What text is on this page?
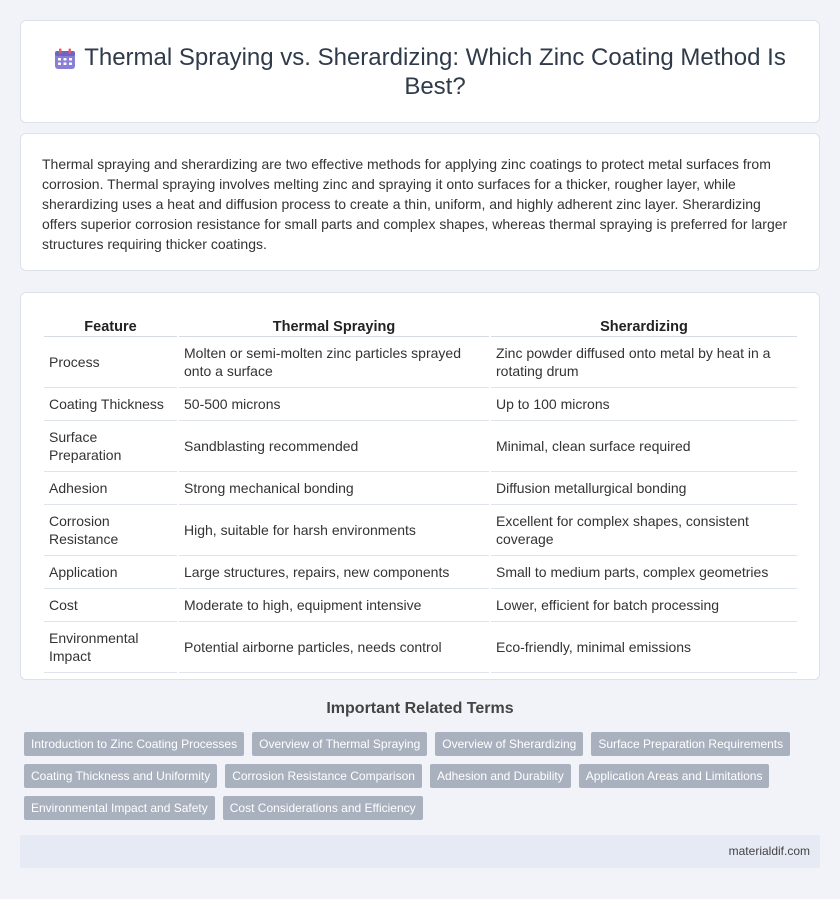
Thermal Spraying vs. Sherardizing: Which Zinc Coating Method Is Best?

Thermal spraying and sherardizing are two effective methods for applying zinc coatings to protect metal surfaces from corrosion. Thermal spraying involves melting zinc and spraying it onto surfaces for a thicker, rougher layer, while sherardizing uses a heat and diffusion process to create a thin, uniform, and highly adherent zinc layer. Sherardizing offers superior corrosion resistance for small parts and complex shapes, whereas thermal spraying is preferred for larger structures requiring thicker coatings.

Feature	Thermal Spraying	Sherardizing
Process	Molten or semi-molten zinc particles sprayed onto a surface	Zinc powder diffused onto metal by heat in a rotating drum
Coating Thickness	50-500 microns	Up to 100 microns
Surface Preparation	Sandblasting recommended	Minimal, clean surface required
Adhesion	Strong mechanical bonding	Diffusion metallurgical bonding
Corrosion Resistance	High, suitable for harsh environments	Excellent for complex shapes, consistent coverage
Application	Large structures, repairs, new components	Small to medium parts, complex geometries
Cost	Moderate to high, equipment intensive	Lower, efficient for batch processing
Environmental Impact	Potential airborne particles, needs control	Eco-friendly, minimal emissions
Important Related Terms
Introduction to Zinc Coating Processes	Overview of Thermal Spraying	Overview of Sherardizing	Surface Preparation Requirements
Coating Thickness and Uniformity	Corrosion Resistance Comparison	Adhesion and Durability	Application Areas and Limitations
Environmental Impact and Safety	Cost Considerations and Efficiency
materialdif.com
